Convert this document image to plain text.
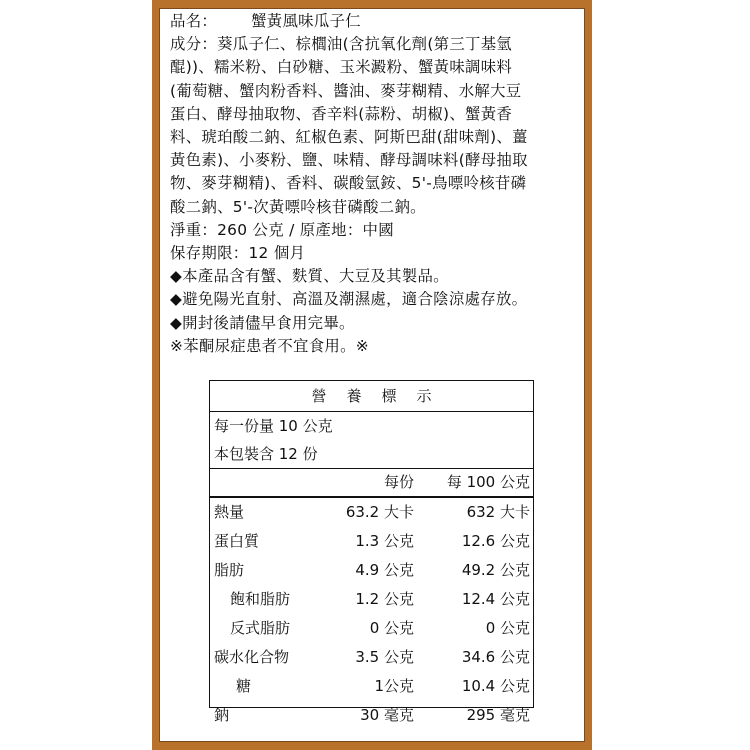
品名： 蟹黃風味瓜子仁
成分：葵瓜子仁、棕櫚油(含抗氧化劑(第三丁基氫
醌))、糯米粉、白砂糖、玉米澱粉、蟹黃味調味料
(葡萄糖、蟹肉粉香料、醬油、麥芽糊精、水解大豆
蛋白、酵母抽取物、香辛料(蒜粉、胡椒)、蟹黃香
料、琥珀酸二鈉、紅椒色素、阿斯巴甜(甜味劑)、薑
黃色素)、小麥粉、鹽、味精、酵母調味料(酵母抽取
物、麥芽糊精)、香料、碳酸氫銨、5'-鳥嘌呤核苷磷
酸二鈉、5'-次黃嘌呤核苷磷酸二鈉。
淨重：260 公克 / 原產地：中國
保存期限：12 個月
◆本產品含有蟹、麩質、大豆及其製品。
◆避免陽光直射、高溫及潮濕處，適合陰涼處存放。
◆開封後請儘早食用完畢。
※苯酮尿症患者不宜食用。※
營養標示
每一份量 10 公克
本包裝含 12 份
每份 每 100 公克
熱量	63.2 大卡	632 大卡
蛋白質	1.3 公克	12.6 公克
脂肪	4.9 公克	49.2 公克
飽和脂肪	1.2 公克	12.4 公克
反式脂肪	0 公克	0 公克
碳水化合物	3.5 公克	34.6 公克
糖	1公克	10.4 公克
鈉	30 毫克	295 毫克
